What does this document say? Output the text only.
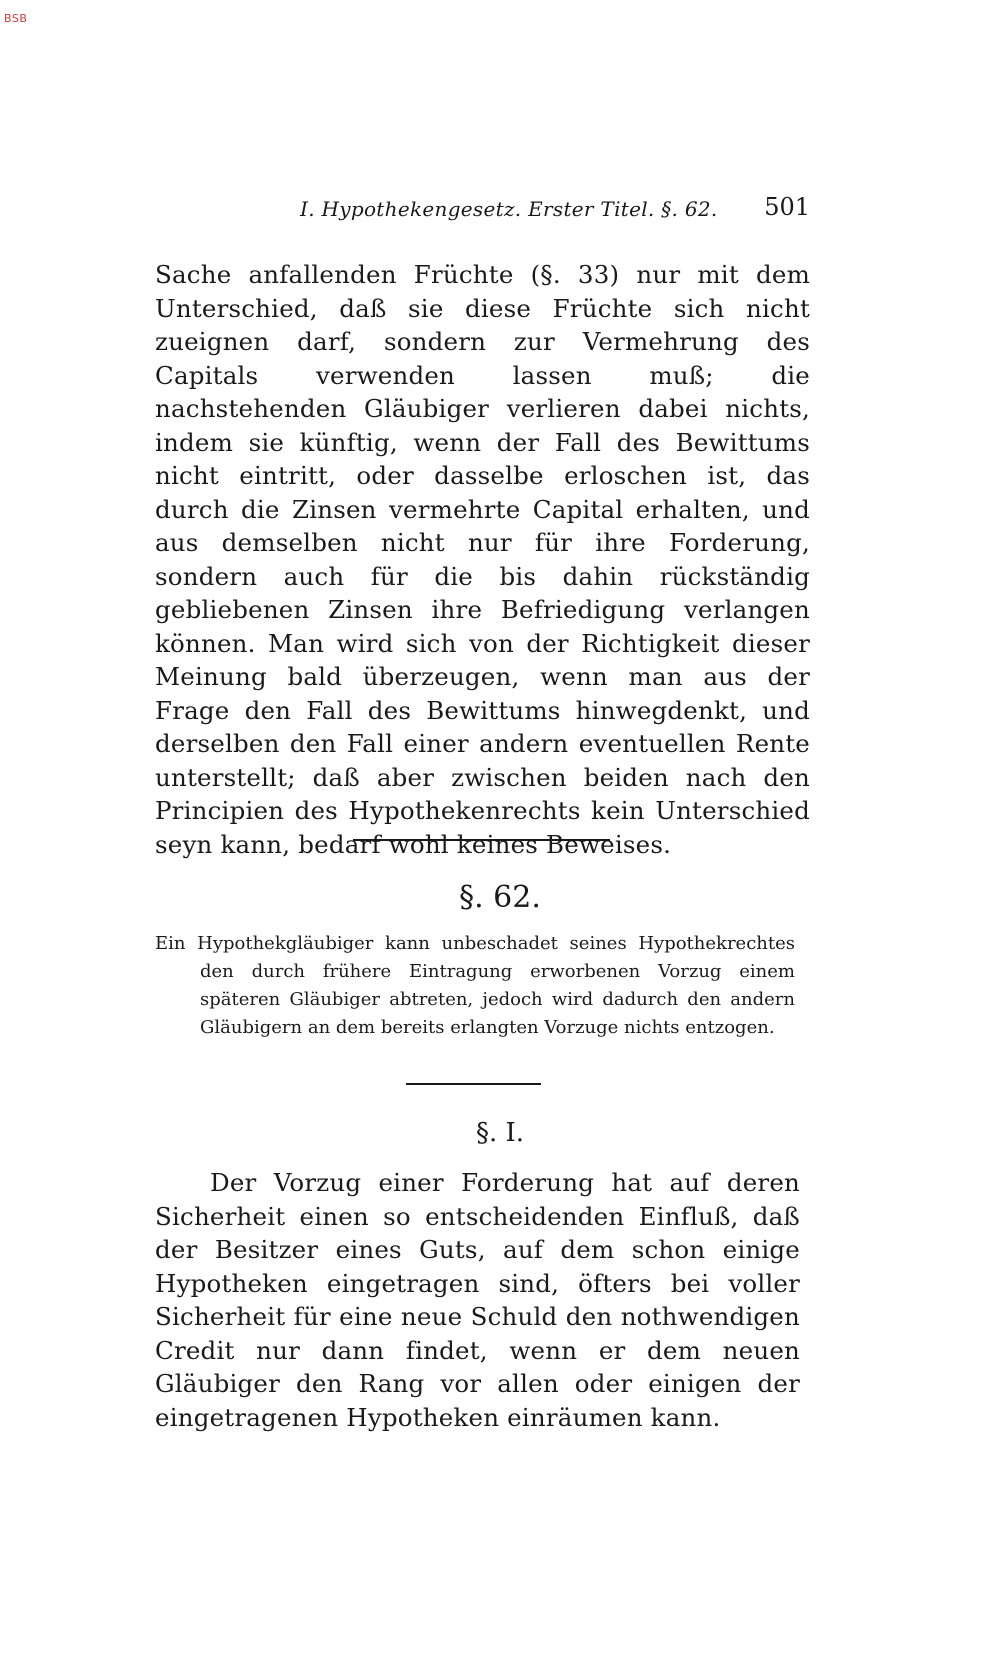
BSB
I. Hypothekengesetz. Erster Titel. §. 62. 501

Sache anfallenden Früchte (§. 33) nur mit dem Unterschied, daß sie diese Früchte sich nicht zueignen darf, sondern zur Vermehrung des Capitals verwenden lassen muß; die nachstehenden Gläubiger verlieren dabei nichts, indem sie künftig, wenn der Fall des Bewittums nicht eintritt, oder dasselbe erloschen ist, das durch die Zinsen vermehrte Capital erhalten, und aus demselben nicht nur für ihre Forderung, sondern auch für die bis dahin rückständig gebliebenen Zinsen ihre Befriedigung verlangen können. Man wird sich von der Richtigkeit dieser Meinung bald überzeugen, wenn man aus der Frage den Fall des Bewittums hinwegdenkt, und derselben den Fall einer andern eventuellen Rente unterstellt; daß aber zwischen beiden nach den Principien des Hypothekenrechts kein Unterschied seyn kann, bedarf wohl keines Beweises.

§. 62.

Ein Hypothekgläubiger kann unbeschadet seines Hypothekrechtes den durch frühere Eintragung erworbenen Vorzug einem späteren Gläubiger abtreten, jedoch wird dadurch den andern Gläubigern an dem bereits erlangten Vorzuge nichts entzogen.

§. I.

Der Vorzug einer Forderung hat auf deren Sicherheit einen so entscheidenden Einfluß, daß der Besitzer eines Guts, auf dem schon einige Hypotheken eingetragen sind, öfters bei voller Sicherheit für eine neue Schuld den nothwendigen Credit nur dann findet, wenn er dem neuen Gläubiger den Rang vor allen oder einigen der eingetragenen Hypotheken einräumen kann.
